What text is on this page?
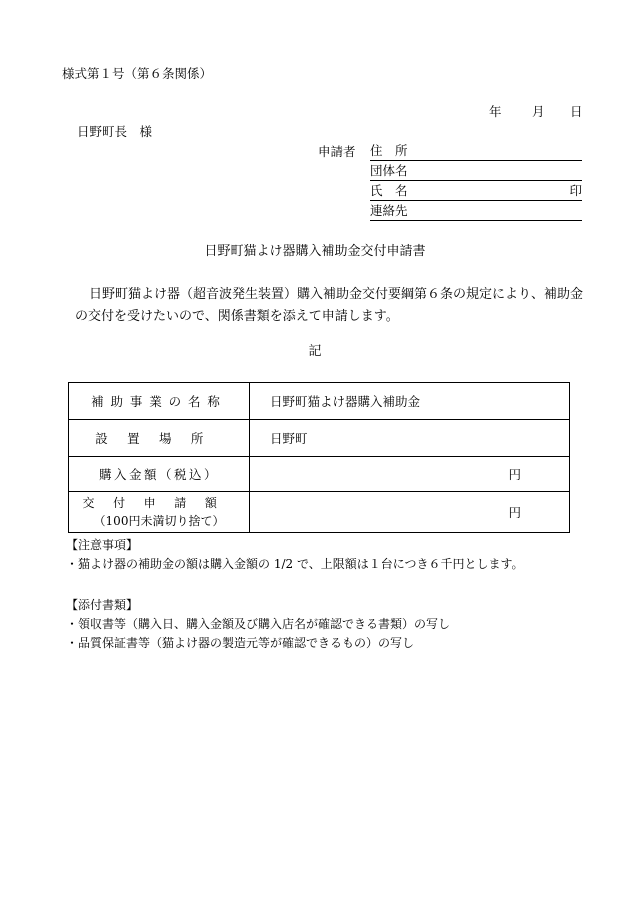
様式第１号（第６条関係）
年 月 日
日野町長　様
申請者 住　所
団体名
氏　名	印
連絡先
日野町猫よけ器購入補助金交付申請書
日野町猫よけ器（超音波発生装置）購入補助金交付要綱第６条の規定により、補助金の交付を受けたいので、関係書類を添えて申請します。
記
補助事業の名称	日野町猫よけ器購入補助金
設置場所	日野町
購入金額（税込）	円

交付申請額
（100円未満切り捨て）	円
【注意事項】
・猫よけ器の補助金の額は購入金額の 1/2 で、上限額は１台につき６千円とします。
【添付書類】
・領収書等（購入日、購入金額及び購入店名が確認できる書類）の写し
・品質保証書等（猫よけ器の製造元等が確認できるもの）の写し
